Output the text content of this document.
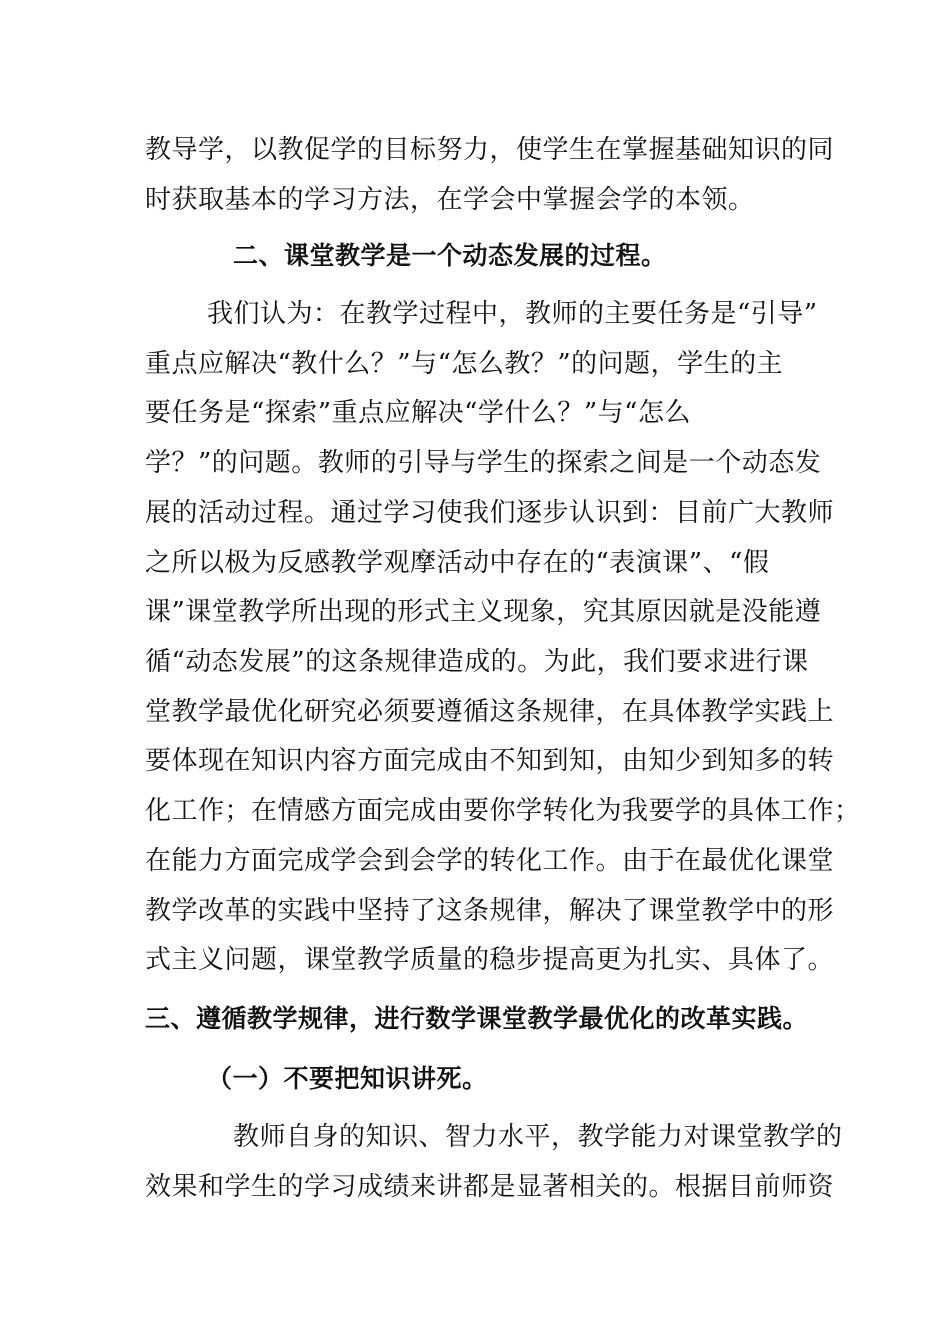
教导学，以教促学的目标努力，使学生在掌握基础知识的同
时获取基本的学习方法，在学会中掌握会学的本领。
二、课堂教学是一个动态发展的过程。
我们认为：在教学过程中，教师的主要任务是“引导”
重点应解决“教什么？”与“怎么教？”的问题，学生的主
要任务是“探索”重点应解决“学什么？”与“怎么
学？”的问题。教师的引导与学生的探索之间是一个动态发
展的活动过程。通过学习使我们逐步认识到：目前广大教师
之所以极为反感教学观摩活动中存在的“表演课”、“假
课”课堂教学所出现的形式主义现象，究其原因就是没能遵
循“动态发展”的这条规律造成的。为此，我们要求进行课
堂教学最优化研究必须要遵循这条规律，在具体教学实践上
要体现在知识内容方面完成由不知到知，由知少到知多的转
化工作；在情感方面完成由要你学转化为我要学的具体工作；
在能力方面完成学会到会学的转化工作。由于在最优化课堂
教学改革的实践中坚持了这条规律，解决了课堂教学中的形
式主义问题，课堂教学质量的稳步提高更为扎实、具体了。
三、遵循教学规律，进行数学课堂教学最优化的改革实践。
（一）不要把知识讲死。
教师自身的知识、智力水平，教学能力对课堂教学的
效果和学生的学习成绩来讲都是显著相关的。根据目前师资
